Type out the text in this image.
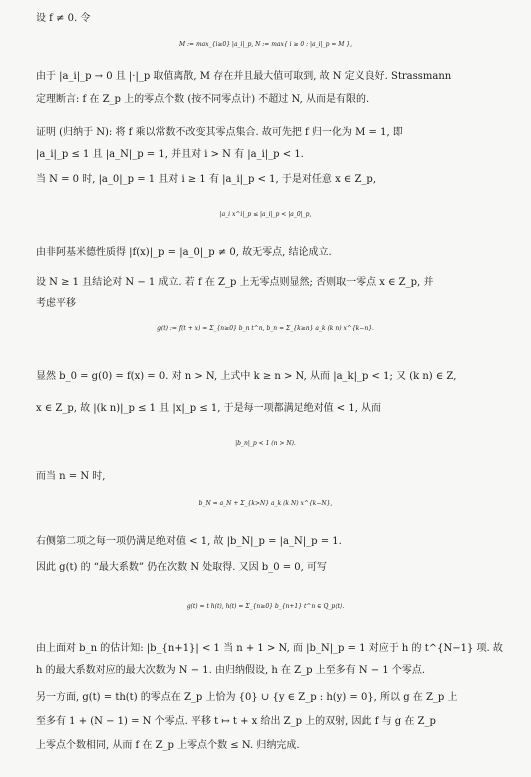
设 f ≠ 0. 令
M := max_{i≥0} |a_i|_p, N := max{ i ≥ 0 : |a_i|_p = M },
由于 |a_i|_p → 0 且 |·|_p 取值离散, M 存在并且最大值可取到, 故 N 定义良好. Strassmann
定理断言: f 在 Z_p 上的零点个数 (按不同零点计) 不超过 N, 从而是有限的.
证明 (归纳于 N): 将 f 乘以常数不改变其零点集合. 故可先把 f 归一化为 M = 1, 即
|a_i|_p ≤ 1 且 |a_N|_p = 1, 并且对 i > N 有 |a_i|_p < 1.
当 N = 0 时, |a_0|_p = 1 且对 i ≥ 1 有 |a_i|_p < 1, 于是对任意 x ∈ Z_p,
|a_i x^i|_p ≤ |a_i|_p < |a_0|_p,
由非阿基米德性质得 |f(x)|_p = |a_0|_p ≠ 0, 故无零点, 结论成立.
设 N ≥ 1 且结论对 N − 1 成立. 若 f 在 Z_p 上无零点则显然; 否则取一零点 x ∈ Z_p, 并
考虑平移
g(t) := f(t + x) = Σ_{n≥0} b_n t^n, b_n = Σ_{k≥n} a_k (k n) x^{k−n}.
显然 b_0 = g(0) = f(x) = 0. 对 n > N, 上式中 k ≥ n > N, 从而 |a_k|_p < 1; 又 (k n) ∈ Z,
x ∈ Z_p, 故 |(k n)|_p ≤ 1 且 |x|_p ≤ 1, 于是每一项都满足绝对值 < 1, 从而
|b_n|_p < 1 (n > N).
而当 n = N 时,
b_N = a_N + Σ_{k>N} a_k (k N) x^{k−N},
右侧第二项之每一项仍满足绝对值 < 1, 故 |b_N|_p = |a_N|_p = 1.
因此 g(t) 的 “最大系数” 仍在次数 N 处取得. 又因 b_0 = 0, 可写
g(t) = t h(t), h(t) = Σ_{n≥0} b_{n+1} t^n ∈ Q_p⟨t⟩.
由上面对 b_n 的估计知: |b_{n+1}| < 1 当 n + 1 > N, 而 |b_N|_p = 1 对应于 h 的 t^{N−1} 项. 故
h 的最大系数对应的最大次数为 N − 1. 由归纳假设, h 在 Z_p 上至多有 N − 1 个零点.
另一方面, g(t) = th(t) 的零点在 Z_p 上恰为 {0} ∪ {y ∈ Z_p : h(y) = 0}, 所以 g 在 Z_p 上
至多有 1 + (N − 1) = N 个零点. 平移 t ↦ t + x 给出 Z_p 上的双射, 因此 f 与 g 在 Z_p
上零点个数相同, 从而 f 在 Z_p 上零点个数 ≤ N. 归纳完成.
